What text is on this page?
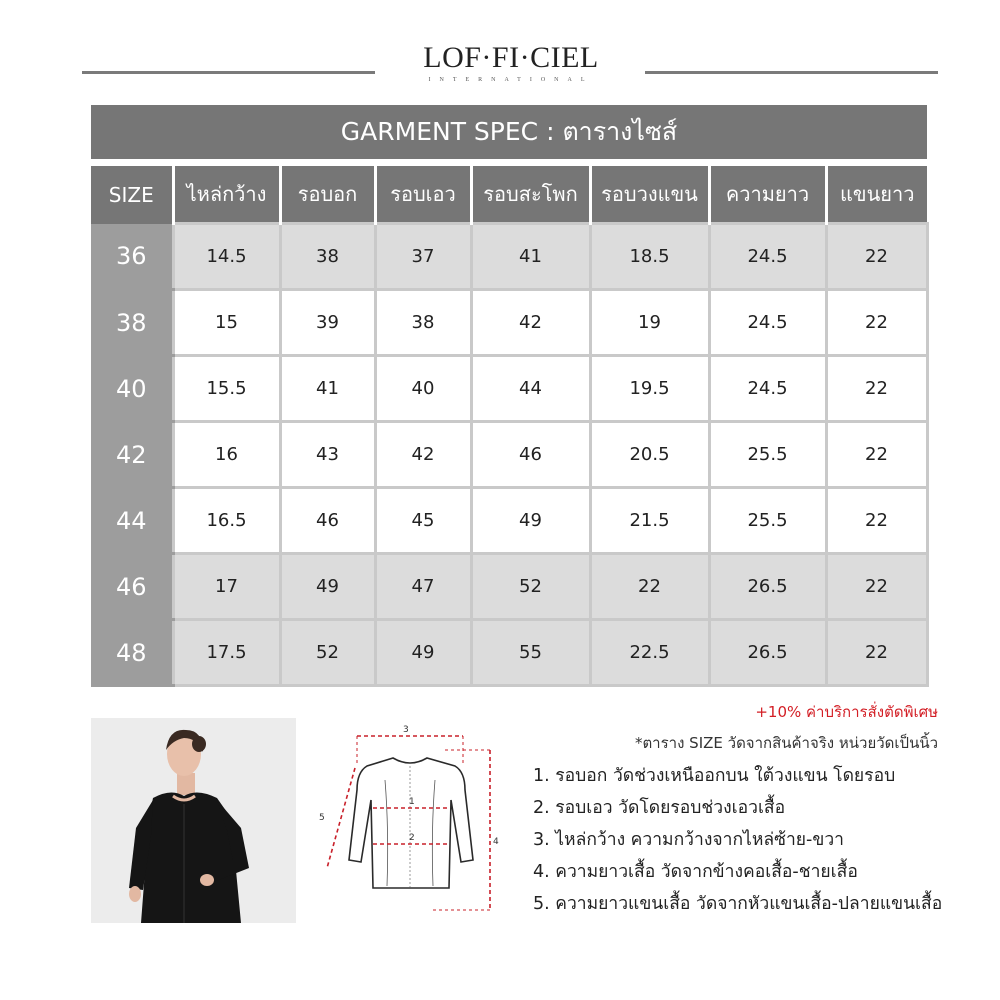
LOF·FI·CIEL
INTERNATIONAL
GARMENT SPEC : ตารางไซส์
SIZE	ไหล่กว้าง	รอบอก	รอบเอว	รอบสะโพก	รอบวงแขน	ความยาว	แขนยาว
36	14.5	38	37	41	18.5	24.5	22
38	15	39	38	42	19	24.5	22
40	15.5	41	40	44	19.5	24.5	22
42	16	43	42	46	20.5	25.5	22
44	16.5	46	45	49	21.5	25.5	22
46	17	49	47	52	22	26.5	22
48	17.5	52	49	55	22.5	26.5	22
+10% ค่าบริการสั่งตัดพิเศษ
*ตาราง SIZE วัดจากสินค้าจริง หน่วยวัดเป็นนิ้ว
1. รอบอก วัดช่วงเหนืออกบน ใต้วงแขน โดยรอบ
2. รอบเอว วัดโดยรอบช่วงเอวเสื้อ
3. ไหล่กว้าง ความกว้างจากไหล่ซ้าย-ขวา
4. ความยาวเสื้อ วัดจากข้างคอเสื้อ-ชายเสื้อ
5. ความยาวแขนเสื้อ วัดจากหัวแขนเสื้อ-ปลายแขนเสื้อ
3
1
2	4
5
